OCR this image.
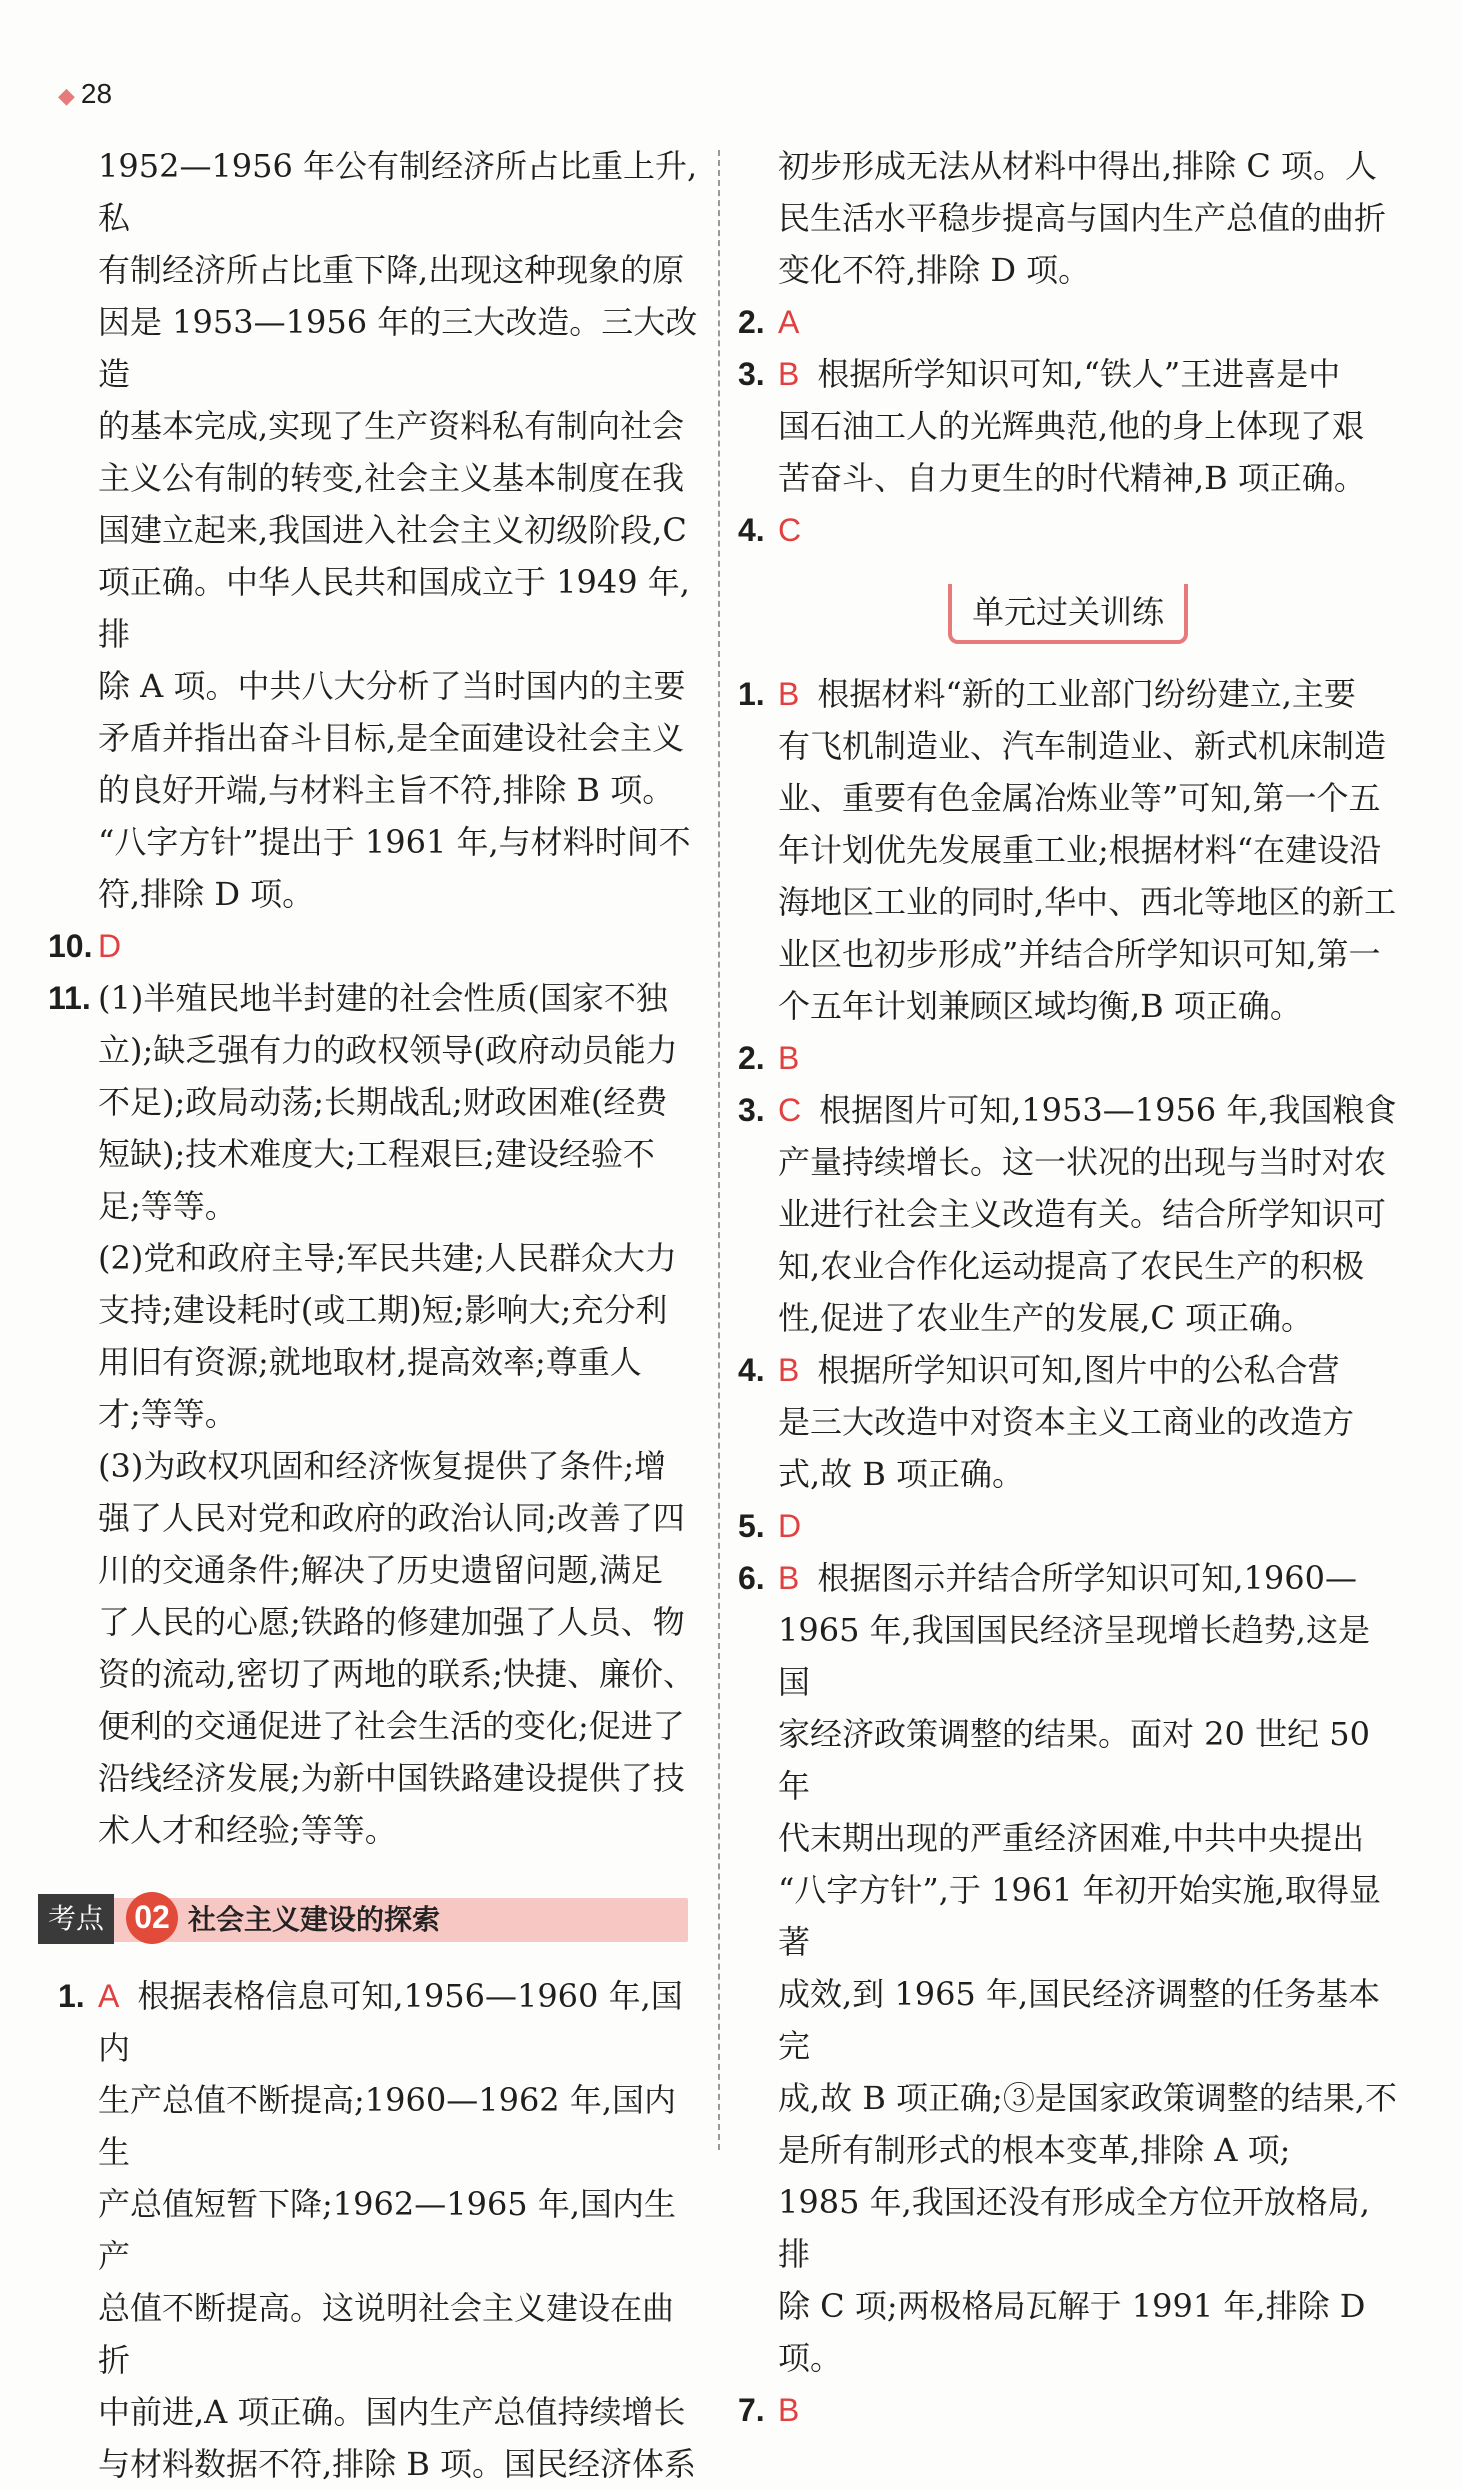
◆ 28

1952—1956 年公有制经济所占比重上升,私

有制经济所占比重下降,出现这种现象的原

因是 1953—1956 年的三大改造。三大改造

的基本完成,实现了生产资料私有制向社会

主义公有制的转变,社会主义基本制度在我

国建立起来,我国进入社会主义初级阶段,C

项正确。中华人民共和国成立于 1949 年,排

除 A 项。中共八大分析了当时国内的主要

矛盾并指出奋斗目标,是全面建设社会主义

的良好开端,与材料主旨不符,排除 B 项。

“八字方针”提出于 1961 年,与材料时间不

符,排除 D 项。

10. D
11. (1)半殖民地半封建的社会性质(国家不独

立);缺乏强有力的政权领导(政府动员能力

不足);政局动荡;长期战乱;财政困难(经费

短缺);技术难度大;工程艰巨;建设经验不

足;等等。

(2)党和政府主导;军民共建;人民群众大力

支持;建设耗时(或工期)短;影响大;充分利

用旧有资源;就地取材,提高效率;尊重人

才;等等。

(3)为政权巩固和经济恢复提供了条件;增

强了人民对党和政府的政治认同;改善了四

川的交通条件;解决了历史遗留问题,满足

了人民的心愿;铁路的修建加强了人员、物

资的流动,密切了两地的联系;快捷、廉价、

便利的交通促进了社会生活的变化;促进了

沿线经济发展;为新中国铁路建设提供了技

术人才和经验;等等。

考点 02 社会主义建设的探索
1. A 根据表格信息可知,1956—1960 年,国内

生产总值不断提高;1960—1962 年,国内生

产总值短暂下降;1962—1965 年,国内生产

总值不断提高。这说明社会主义建设在曲折

中前进,A 项正确。国内生产总值持续增长

与材料数据不符,排除 B 项。国民经济体系

初步形成无法从材料中得出,排除 C 项。人

民生活水平稳步提高与国内生产总值的曲折

变化不符,排除 D 项。

2. A
3. B 根据所学知识可知,“铁人”王进喜是中

国石油工人的光辉典范,他的身上体现了艰

苦奋斗、自力更生的时代精神,B 项正确。

4. C
单元过关训练
1. B 根据材料“新的工业部门纷纷建立,主要

有飞机制造业、汽车制造业、新式机床制造

业、重要有色金属冶炼业等”可知,第一个五

年计划优先发展重工业;根据材料“在建设沿

海地区工业的同时,华中、西北等地区的新工

业区也初步形成”并结合所学知识可知,第一

个五年计划兼顾区域均衡,B 项正确。

2. B
3. C 根据图片可知,1953—1956 年,我国粮食

产量持续增长。这一状况的出现与当时对农

业进行社会主义改造有关。结合所学知识可

知,农业合作化运动提高了农民生产的积极

性,促进了农业生产的发展,C 项正确。

4. B 根据所学知识可知,图片中的公私合营

是三大改造中对资本主义工商业的改造方

式,故 B 项正确。

5. D
6. B 根据图示并结合所学知识可知,1960—

1965 年,我国国民经济呈现增长趋势,这是国

家经济政策调整的结果。面对 20 世纪 50 年

代末期出现的严重经济困难,中共中央提出

“八字方针”,于 1961 年初开始实施,取得显著

成效,到 1965 年,国民经济调整的任务基本完

成,故 B 项正确;③是国家政策调整的结果,不

是所有制形式的根本变革,排除 A 项;

1985 年,我国还没有形成全方位开放格局,排

除 C 项;两极格局瓦解于 1991 年,排除 D 项。

7. B
